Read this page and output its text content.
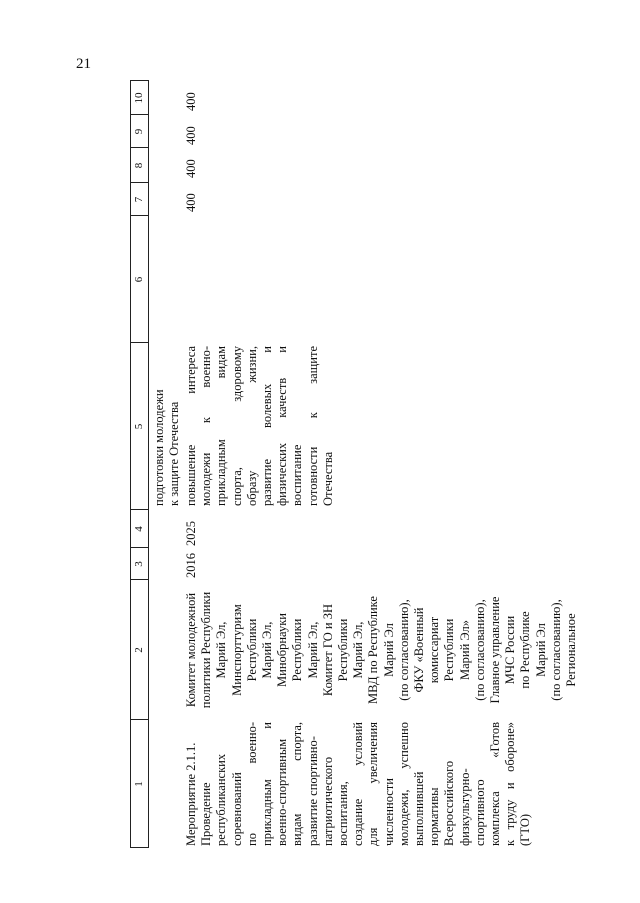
21
1
2
3
4
5
6
7
8
9
10
подготовки молодежи к защите Отечества
Мероприятие 2.1.1. Проведение республиканских соревнований по военно- прикладным и военно-спортивным видам спорта, развитие спортивно- патриотического воспитания, создание условий для увеличения численности молодежи, успешно выполнившей нормативы Всероссийского физкультурно- спортивного комплекса «Готов к труду и обороне» (ГТО)
Комитет молодежной политики Республики Марий Эл, Минспорттуризм Республики Марий Эл, Минобрнауки Республики Марий Эл, Комитет ГО и ЗН Республики Марий Эл, МВД по Республике Марий Эл (по согласованию), ФКУ «Военный комиссариат Республики Марий Эл» (по согласованию), Главное управление МЧС России по Республике Марий Эл (по согласованию), Региональное
2016
2025
повышение интереса молодежи к военно- прикладным видам спорта, здоровому образу жизни, развитие волевых и физических качеств и воспитание готовности к защите Отечества
400
400
400
400
